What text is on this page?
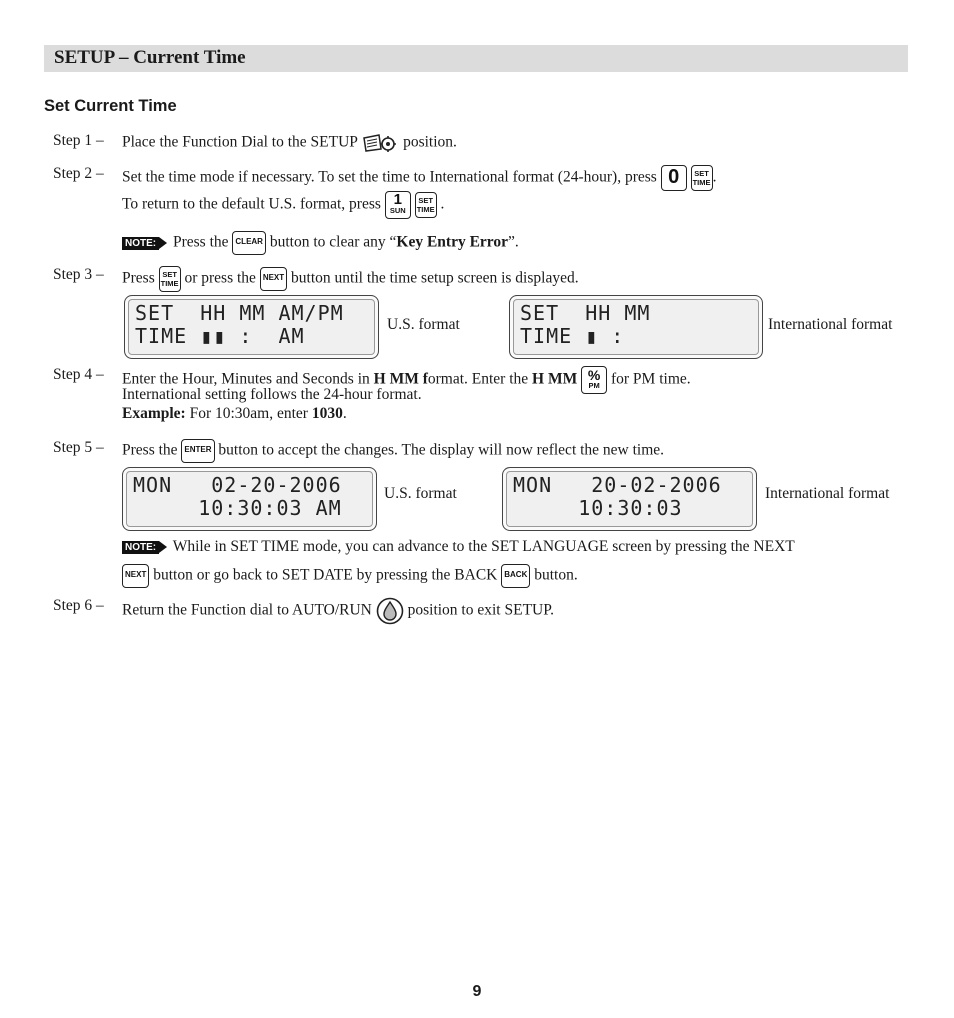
SETUP – Current Time
Set Current Time
Step 1 – Place the Function Dial to the SETUP	position.
Step 2 – Set the time mode if necessary. To set the time to International format (24-hour), press 0 SET
TIME .
To return to the default U.S. format, press 1
SUN
SET
TIME .
NOTE: Press the CLEAR button to clear any “Key Entry Error”.
Step 3 – Press SET
TIME or press the NEXT button until the time setup screen is displayed.
SET  HH MM AM/PM
TIME ▮▮ :  AM	U.S. format	SET  HH MM
TIME ▮ :	International format
Step 4 – Enter the Hour, Minutes and Seconds in H MM format. Enter the H MM %
PM for PM time.
International setting follows the 24-hour format.
Example: For 10:30am, enter 1030.
Step 5 – Press the ENTER button to accept the changes. The display will now reflect the new time.
MON   02-20-2006
10:30:03 AM
U.S. format	MON   20-02-2006
10:30:03
International format
NOTE: While in SET TIME mode, you can advance to the SET LANGUAGE screen by pressing the NEXT
NEXT button or go back to SET DATE by pressing the BACK BACK button.
Step 6 – Return the Function dial to AUTO/RUN position to exit SETUP.
9
